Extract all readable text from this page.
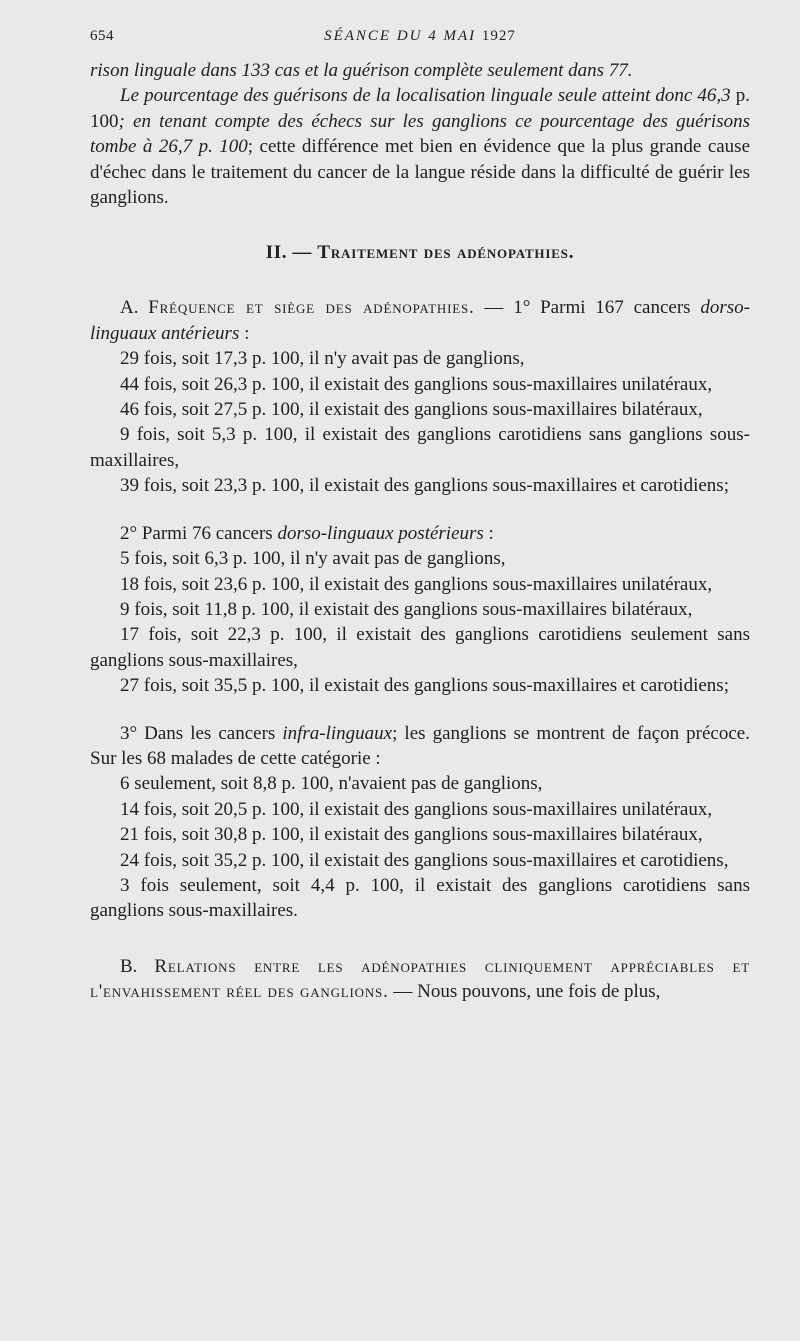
654	SÉANCE DU 4 MAI 1927

rison linguale dans 133 cas et la guérison complète seulement dans 77.

Le pourcentage des guérisons de la localisation linguale seule atteint donc 46,3 p. 100; en tenant compte des échecs sur les ganglions ce pourcentage des guérisons tombe à 26,7 p. 100; cette différence met bien en évidence que la plus grande cause d'échec dans le traitement du cancer de la langue réside dans la difficulté de guérir les ganglions.

II. — Traitement des adénopathies.

A. Fréquence et siège des adénopathies. — 1° Parmi 167 cancers dorso-linguaux antérieurs :

29 fois, soit 17,3 p. 100, il n'y avait pas de ganglions,

44 fois, soit 26,3 p. 100, il existait des ganglions sous-maxillaires unilatéraux,

46 fois, soit 27,5 p. 100, il existait des ganglions sous-maxillaires bilatéraux,

9 fois, soit 5,3 p. 100, il existait des ganglions carotidiens sans ganglions sous-maxillaires,

39 fois, soit 23,3 p. 100, il existait des ganglions sous-maxillaires et carotidiens;

2° Parmi 76 cancers dorso-linguaux postérieurs :

5 fois, soit 6,3 p. 100, il n'y avait pas de ganglions,

18 fois, soit 23,6 p. 100, il existait des ganglions sous-maxillaires unilatéraux,

9 fois, soit 11,8 p. 100, il existait des ganglions sous-maxillaires bilatéraux,

17 fois, soit 22,3 p. 100, il existait des ganglions carotidiens seulement sans ganglions sous-maxillaires,

27 fois, soit 35,5 p. 100, il existait des ganglions sous-maxillaires et carotidiens;

3° Dans les cancers infra-linguaux; les ganglions se montrent de façon précoce. Sur les 68 malades de cette catégorie :

6 seulement, soit 8,8 p. 100, n'avaient pas de ganglions,

14 fois, soit 20,5 p. 100, il existait des ganglions sous-maxillaires unilatéraux,

21 fois, soit 30,8 p. 100, il existait des ganglions sous-maxillaires bilatéraux,

24 fois, soit 35,2 p. 100, il existait des ganglions sous-maxillaires et carotidiens,

3 fois seulement, soit 4,4 p. 100, il existait des ganglions carotidiens sans ganglions sous-maxillaires.

B. Relations entre les adénopathies cliniquement appréciables et l'envahissement réel des ganglions. — Nous pouvons, une fois de plus,
